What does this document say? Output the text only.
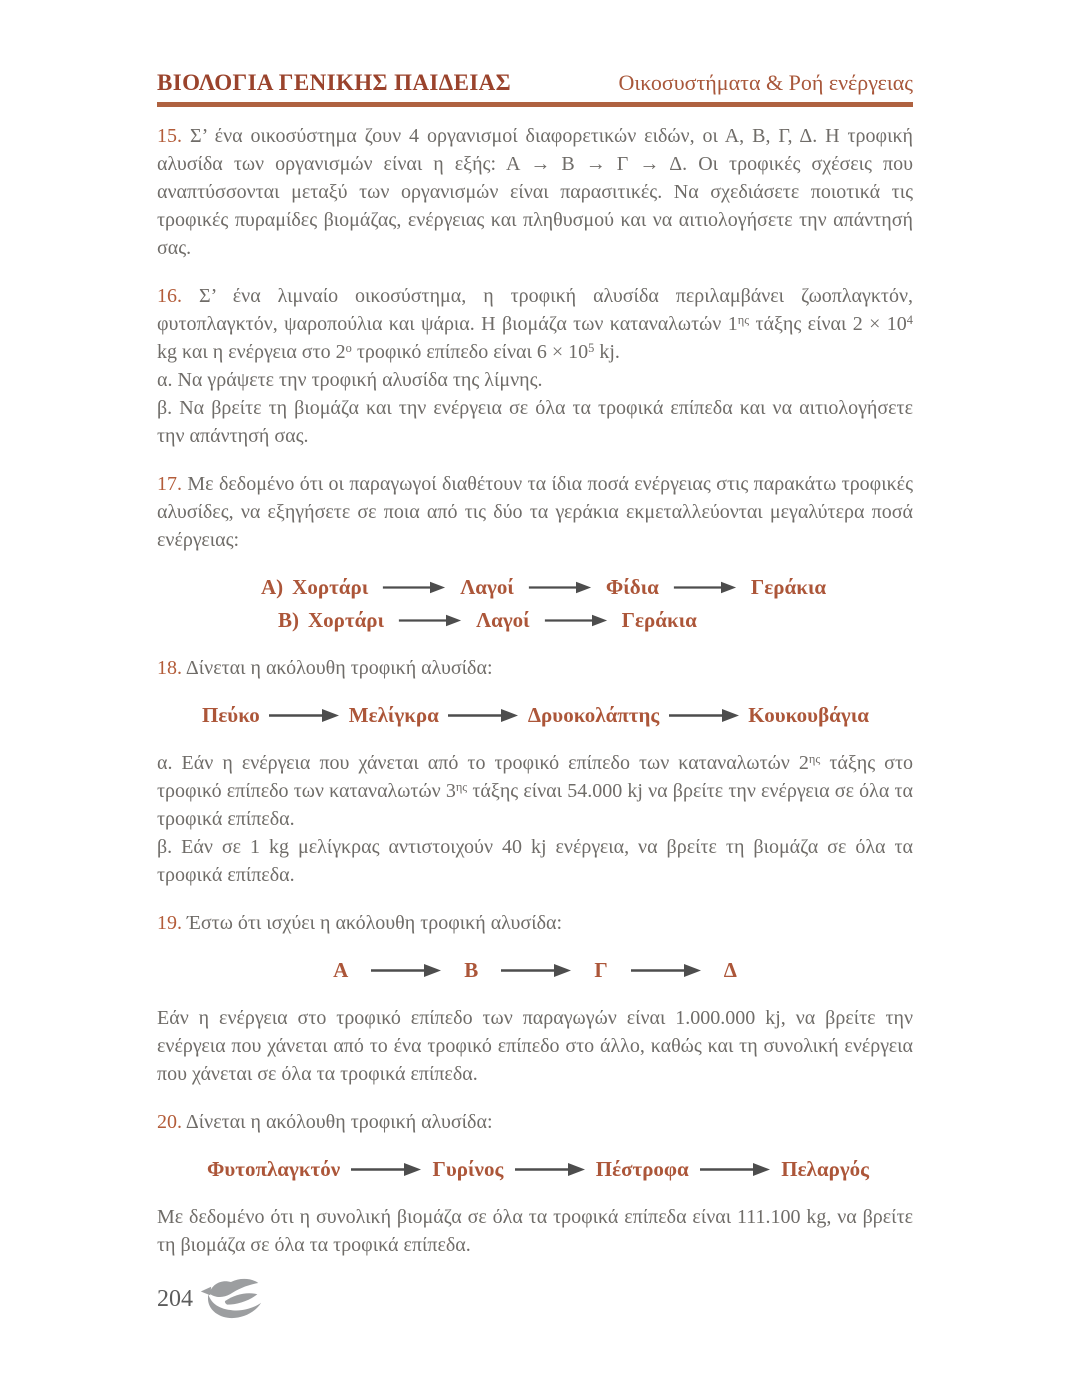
ΒΙΟΛΟΓΙΑ ΓΕΝΙΚΗΣ ΠΑΙΔΕΙΑΣ	Οικοσυστήματα & Ροή ενέργειας

15. Σ’ ένα οικοσύστημα ζουν 4 οργανισμοί διαφορετικών ειδών, οι Α, Β, Γ, Δ. Η τροφική αλυσίδα των οργανισμών είναι η εξής: Α → Β → Γ → Δ. Οι τροφικές σχέσεις που αναπτύσσονται μεταξύ των οργανισμών είναι παρασιτικές. Να σχεδιάσετε ποιοτικά τις τροφικές πυραμίδες βιομάζας, ενέργειας και πληθυσμού και να αιτιολογήσετε την απάντησή σας.

16. Σ’ ένα λιμναίο οικοσύστημα, η τροφική αλυσίδα περιλαμβάνει ζωοπλαγκτόν, φυτοπλαγκτόν, ψαροπούλια και ψάρια. Η βιομάζα των καταναλωτών $1^{\eta\varsigma}$ τάξης είναι $2 \times 10^4$ kg και η ενέργεια στο $2^o$ τροφικό επίπεδο είναι $6 \times 10^5$ kj.

α. Να γράψετε την τροφική αλυσίδα της λίμνης.

β. Να βρείτε τη βιομάζα και την ενέργεια σε όλα τα τροφικά επίπεδα και να αιτιολογήσετε την απάντησή σας.

17. Με δεδομένο ότι οι παραγωγοί διαθέτουν τα ίδια ποσά ενέργειας στις παρακάτω τροφικές αλυσίδες, να εξηγήσετε σε ποια από τις δύο τα γεράκια εκμεταλλεύονται μεγαλύτερα ποσά ενέργειας:

Α) Χορτάρι	Λαγοί	Φίδια	Γεράκια
Β) Χορτάρι	Λαγοί	Γεράκια

18. Δίνεται η ακόλουθη τροφική αλυσίδα:

Πεύκο	Μελίγκρα	Δρυοκολάπτης	Κουκουβάγια

α. Εάν η ενέργεια που χάνεται από το τροφικό επίπεδο των καταναλωτών $2^{\eta\varsigma}$ τάξης στο τροφικό επίπεδο των καταναλωτών $3^{\eta\varsigma}$ τάξης είναι 54.000 kj να βρείτε την ενέργεια σε όλα τα τροφικά επίπεδα.

β. Εάν σε 1 kg μελίγκρας αντιστοιχούν 40 kj ενέργεια, να βρείτε τη βιομάζα σε όλα τα τροφικά επίπεδα.

19. Έστω ότι ισχύει η ακόλουθη τροφική αλυσίδα:

Α	Β	Γ	Δ

Εάν η ενέργεια στο τροφικό επίπεδο των παραγωγών είναι 1.000.000 kj, να βρείτε την ενέργεια που χάνεται από το ένα τροφικό επίπεδο στο άλλο, καθώς και τη συνολική ενέργεια που χάνεται σε όλα τα τροφικά επίπεδα.

20. Δίνεται η ακόλουθη τροφική αλυσίδα:

Φυτοπλαγκτόν	Γυρίνος	Πέστροφα	Πελαργός

Με δεδομένο ότι η συνολική βιομάζα σε όλα τα τροφικά επίπεδα είναι 111.100 kg, να βρείτε τη βιομάζα σε όλα τα τροφικά επίπεδα.

204
